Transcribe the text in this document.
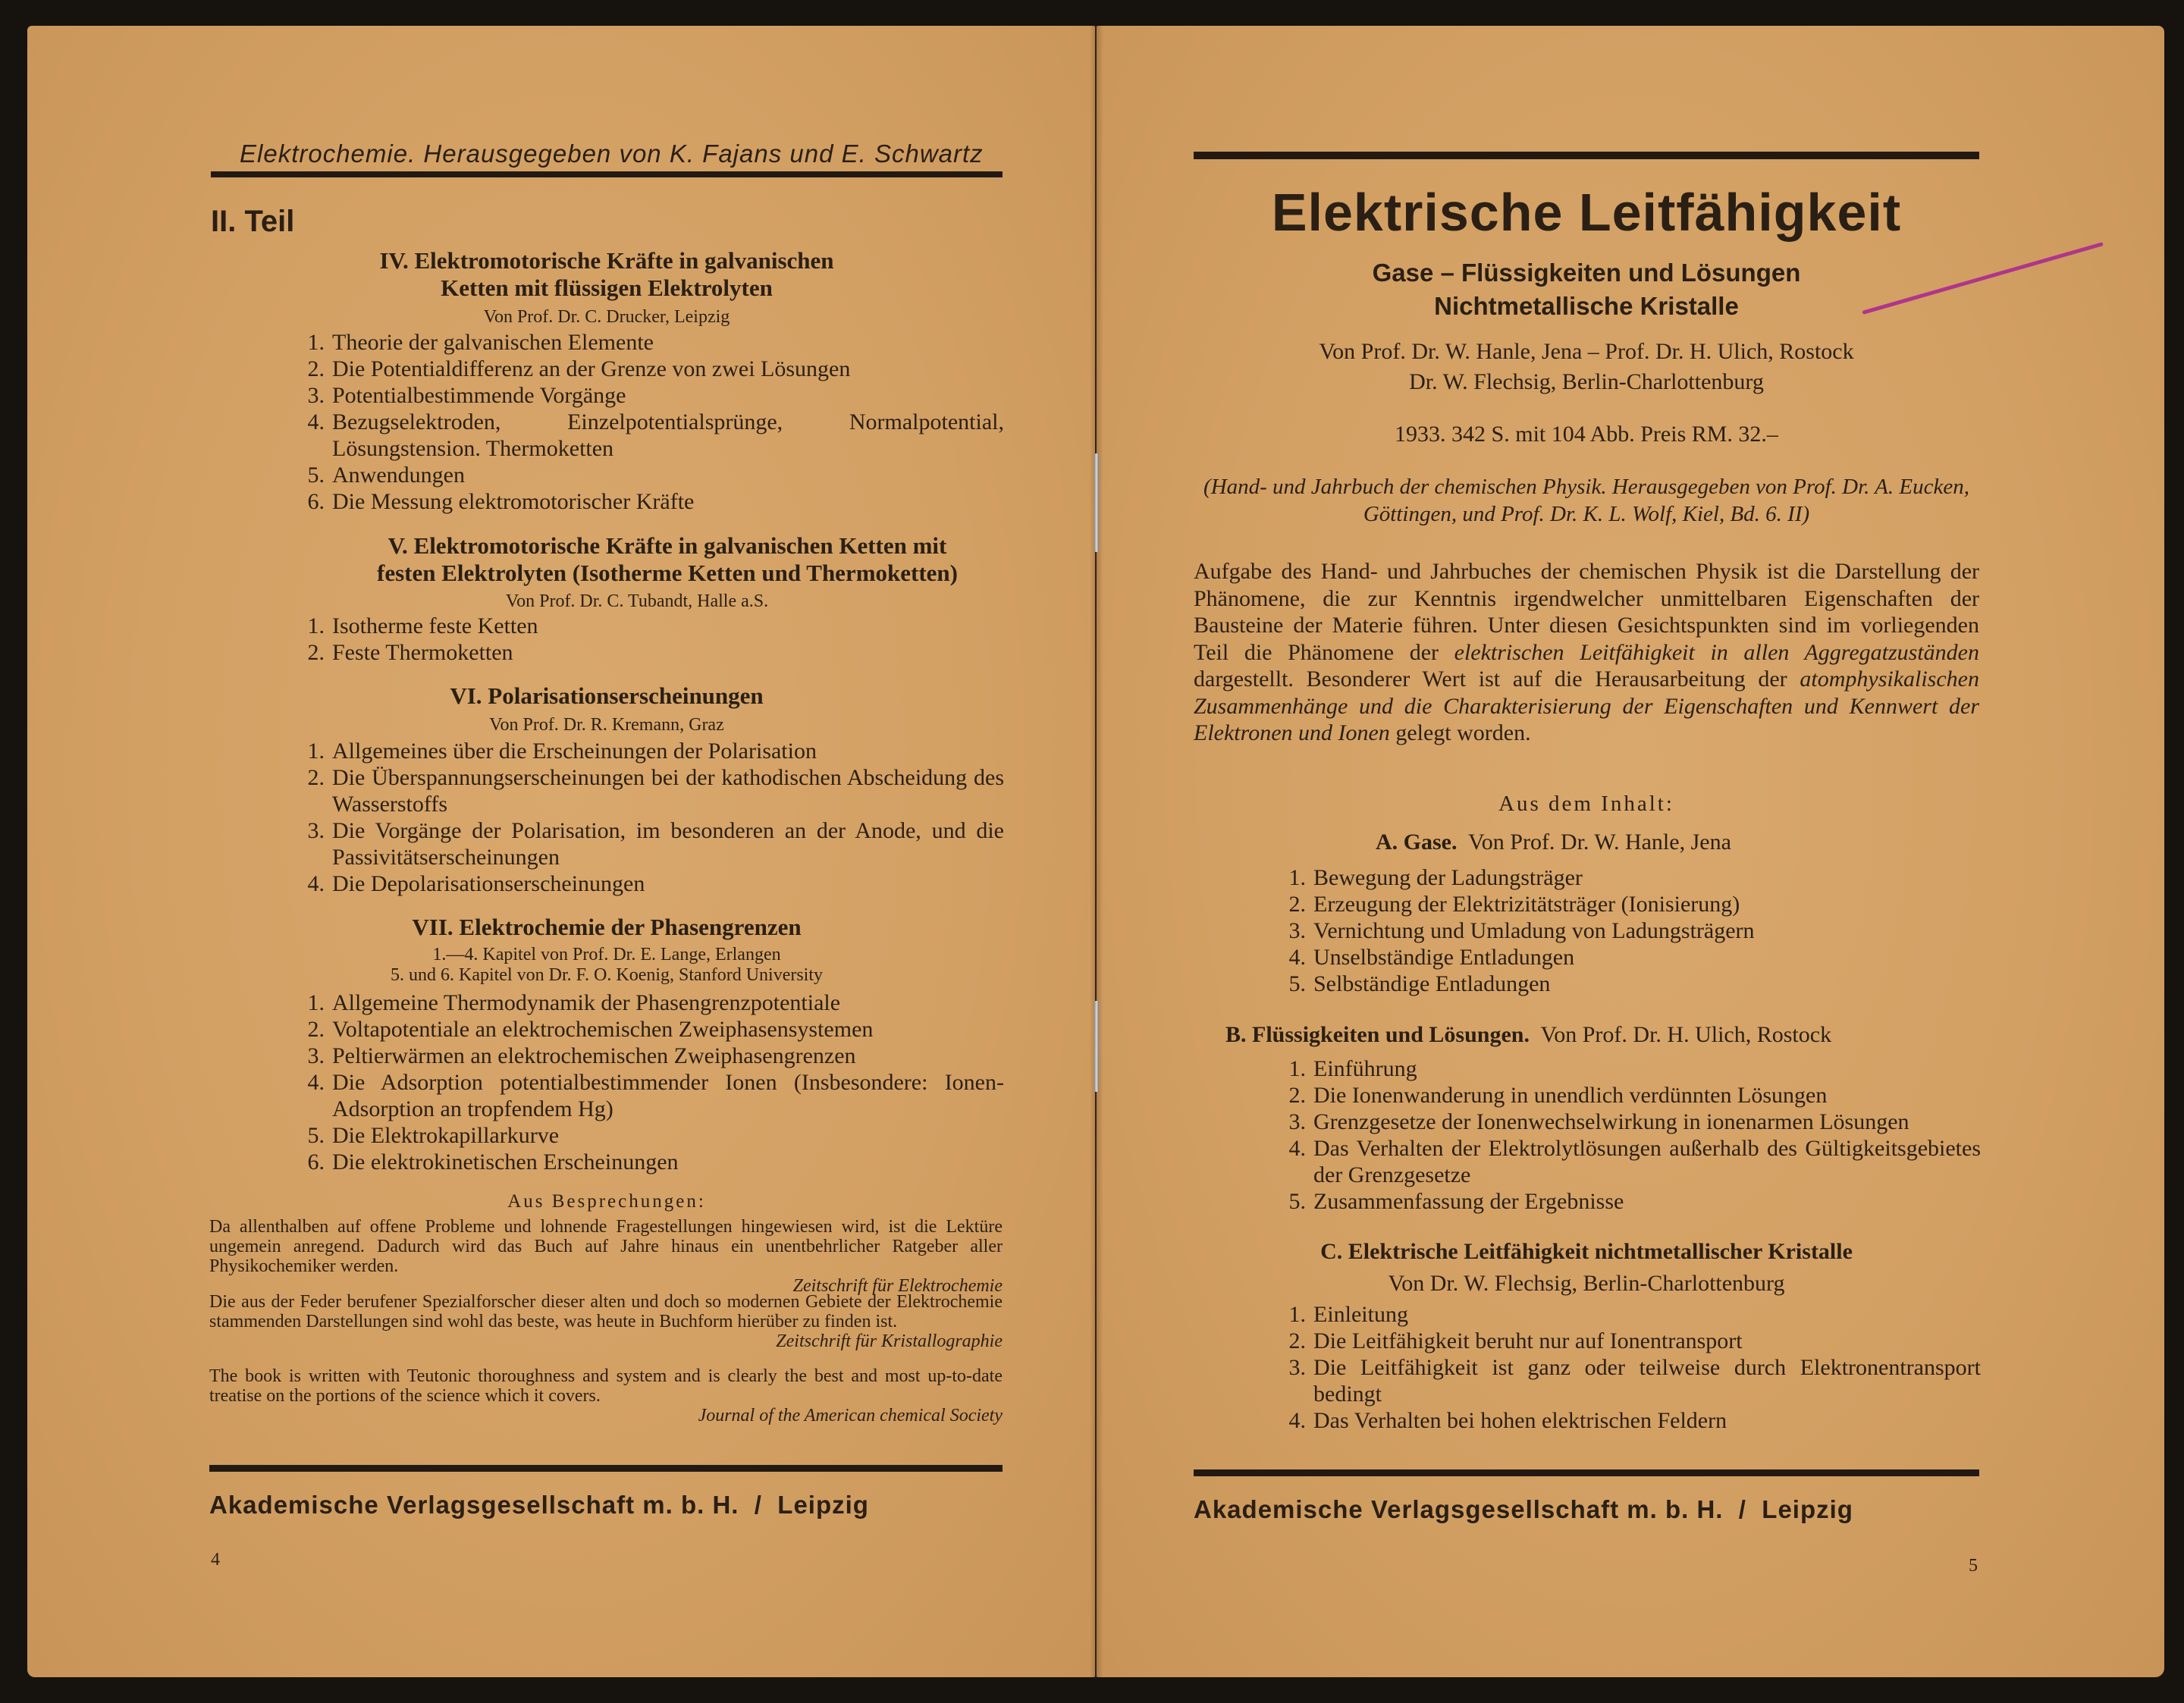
Elektrochemie. Herausgegeben von K. Fajans und E. Schwartz
II. Teil
IV. Elektromotorische Kräfte in galvanischen
Ketten mit flüssigen Elektrolyten
Von Prof. Dr. C. Drucker, Leipzig
1. Theorie der galvanischen Elemente
2. Die Potentialdifferenz an der Grenze von zwei Lösungen
3. Potentialbestimmende Vorgänge
4. Bezugselektroden, Einzelpotentialsprünge, Normalpotential, Lösungstension. Thermoketten
5. Anwendungen
6. Die Messung elektromotorischer Kräfte
V. Elektromotorische Kräfte in galvanischen Ketten mit
festen Elektrolyten (Isotherme Ketten und Thermoketten)
Von Prof. Dr. C. Tubandt, Halle a.S.
1. Isotherme feste Ketten
2. Feste Thermoketten
VI. Polarisationserscheinungen
Von Prof. Dr. R. Kremann, Graz
1. Allgemeines über die Erscheinungen der Polarisation
2. Die Überspannungserscheinungen bei der kathodischen Abscheidung des Wasserstoffs
3. Die Vorgänge der Polarisation, im besonderen an der Anode, und die Passivitätserscheinungen
4. Die Depolarisationserscheinungen
VII. Elektrochemie der Phasengrenzen
1.—4. Kapitel von Prof. Dr. E. Lange, Erlangen
5. und 6. Kapitel von Dr. F. O. Koenig, Stanford University
1. Allgemeine Thermodynamik der Phasengrenzpotentiale
2. Voltapotentiale an elektrochemischen Zweiphasensystemen
3. Peltierwärmen an elektrochemischen Zweiphasengrenzen
4. Die Adsorption potentialbestimmender Ionen (Insbesondere: Ionen-Adsorption an tropfendem Hg)
5. Die Elektrokapillarkurve
6. Die elektrokinetischen Erscheinungen
Aus Besprechungen:
Da allenthalben auf offene Probleme und lohnende Fragestellungen hingewiesen wird, ist die Lektüre ungemein anregend. Dadurch wird das Buch auf Jahre hinaus ein unentbehrlicher Ratgeber aller Physikochemiker werden.
Zeitschrift für Elektrochemie
Die aus der Feder berufener Spezialforscher dieser alten und doch so modernen Gebiete der Elektrochemie stammenden Darstellungen sind wohl das beste, was heute in Buchform hierüber zu finden ist.
Zeitschrift für Kristallographie
The book is written with Teutonic thoroughness and system and is clearly the best and most up-to-date treatise on the portions of the science which it covers.
Journal of the American chemical Society
Akademische Verlagsgesellschaft m. b. H.  /  Leipzig
4
Elektrische Leitfähigkeit
Gase – Flüssigkeiten und Lösungen
Nichtmetallische Kristalle
Von Prof. Dr. W. Hanle, Jena – Prof. Dr. H. Ulich, Rostock
Dr. W. Flechsig, Berlin-Charlottenburg
1933. 342 S. mit 104 Abb. Preis RM. 32.–
(Hand- und Jahrbuch der chemischen Physik. Herausgegeben von Prof. Dr. A. Eucken, Göttingen, und Prof. Dr. K. L. Wolf, Kiel, Bd. 6. II)
Aufgabe des Hand- und Jahrbuches der chemischen Physik ist die Darstellung der Phänomene, die zur Kenntnis irgendwelcher unmittelbaren Eigenschaften der Bausteine der Materie führen. Unter diesen Gesichtspunkten sind im vorliegenden Teil die Phänomene der elektrischen Leitfähigkeit in allen Aggregatzuständen dargestellt. Besonderer Wert ist auf die Herausarbeitung der atomphysikalischen Zusammenhänge und die Charakterisierung der Eigenschaften und Kennwert der Elektronen und Ionen gelegt worden.
Aus dem Inhalt:
A. Gase. Von Prof. Dr. W. Hanle, Jena
1. Bewegung der Ladungsträger
2. Erzeugung der Elektrizitätsträger (Ionisierung)
3. Vernichtung und Umladung von Ladungsträgern
4. Unselbständige Entladungen
5. Selbständige Entladungen
B. Flüssigkeiten und Lösungen. Von Prof. Dr. H. Ulich, Rostock
1. Einführung
2. Die Ionenwanderung in unendlich verdünnten Lösungen
3. Grenzgesetze der Ionenwechselwirkung in ionenarmen Lösungen
4. Das Verhalten der Elektrolytlösungen außerhalb des Gültigkeitsgebietes der Grenzgesetze
5. Zusammenfassung der Ergebnisse
C. Elektrische Leitfähigkeit nichtmetallischer Kristalle
Von Dr. W. Flechsig, Berlin-Charlottenburg
1. Einleitung
2. Die Leitfähigkeit beruht nur auf Ionentransport
3. Die Leitfähigkeit ist ganz oder teilweise durch Elektronentransport bedingt
4. Das Verhalten bei hohen elektrischen Feldern
Akademische Verlagsgesellschaft m. b. H.  /  Leipzig
5
